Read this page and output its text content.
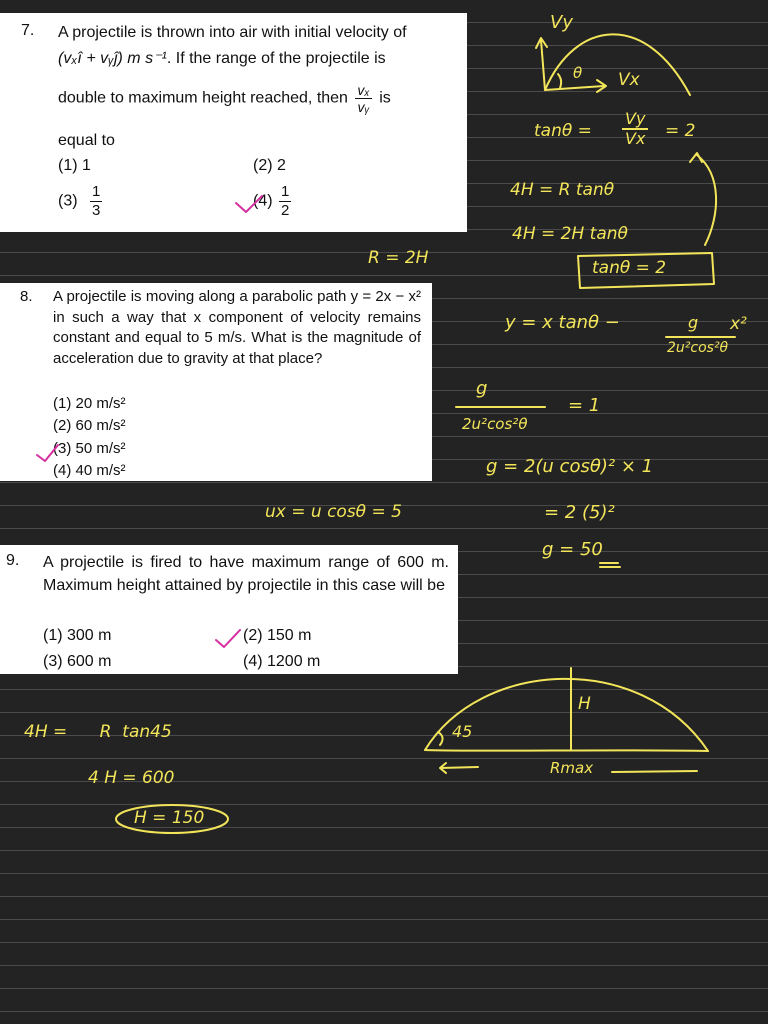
7. A projectile is thrown into air with initial velocity of
(vₓî + vᵧĵ) m s⁻¹. If the range of the projectile is
double to maximum height reached, then $\frac{\text{vₓ}}{\text{vᵧ}}$ is
equal to
(1) 1	(2) 2
$(3) \frac{1}{3}$	$(4) \frac{1}{2}$
8. A projectile is moving along a parabolic path y = 2x − x² in such a way that x component of velocity remains constant and equal to 5 m/s. What is the magnitude of acceleration due to gravity at that place?
(1) 20 m/s²
(2) 60 m/s²
(3) 50 m/s²
(4) 40 m/s²
9. A projectile is fired to have maximum range of 600 m. Maximum height attained by projectile in this case will be
(1) 300 m	(2) 150 m
(3) 600 m	(4) 1200 m
Vy
θ Vx
$\tan\theta = \frac{Vy}{Vx} = 2$
4H = R tanθ
4H = 2H tanθ
tanθ = 2
R = 2H
y = x tanθ −	g
2u²cos²θ
x²
g
2u²cos²θ
= 1
g = 2(u cosθ)² × 1
= 2 (5)²
g = 50
ux = u cosθ = 5
H
45
Rmax
4H =      R  tan45
4 H = 600
H = 150
